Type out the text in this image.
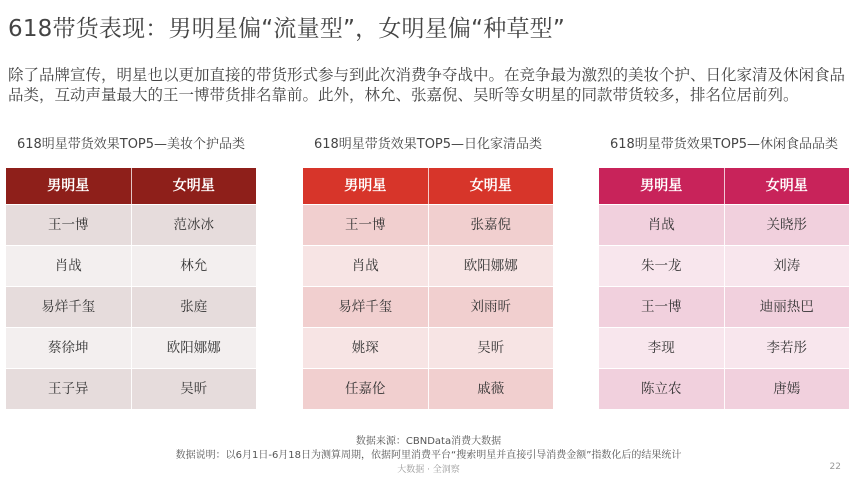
618带货表现：男明星偏“流量型”，女明星偏“种草型”
除了品牌宣传，明星也以更加直接的带货形式参与到此次消费争夺战中。在竞争最为激烈的美妆个护、日化家清及休闲食品品类，互动声量最大的王一博带货排名靠前。此外，林允、张嘉倪、吴昕等女明星的同款带货较多，排名位居前列。
618明星带货效果TOP5—美妆个护品类
男明星	女明星
王一博	范冰冰
肖战	林允
易烊千玺	张庭
蔡徐坤	欧阳娜娜
王子异	吴昕
618明星带货效果TOP5—日化家清品类
男明星	女明星
王一博	张嘉倪
肖战	欧阳娜娜
易烊千玺	刘雨昕
姚琛	吴昕
任嘉伦	戚薇
618明星带货效果TOP5—休闲食品品类
男明星	女明星
肖战	关晓彤
朱一龙	刘涛
王一博	迪丽热巴
李现	李若彤
陈立农	唐嫣
数据来源：CBNData消费大数据
数据说明：以6月1日-6月18日为测算周期，依据阿里消费平台“搜索明星并直接引导消费金额”指数化后的结果统计
大数据 · 全洞察	22
